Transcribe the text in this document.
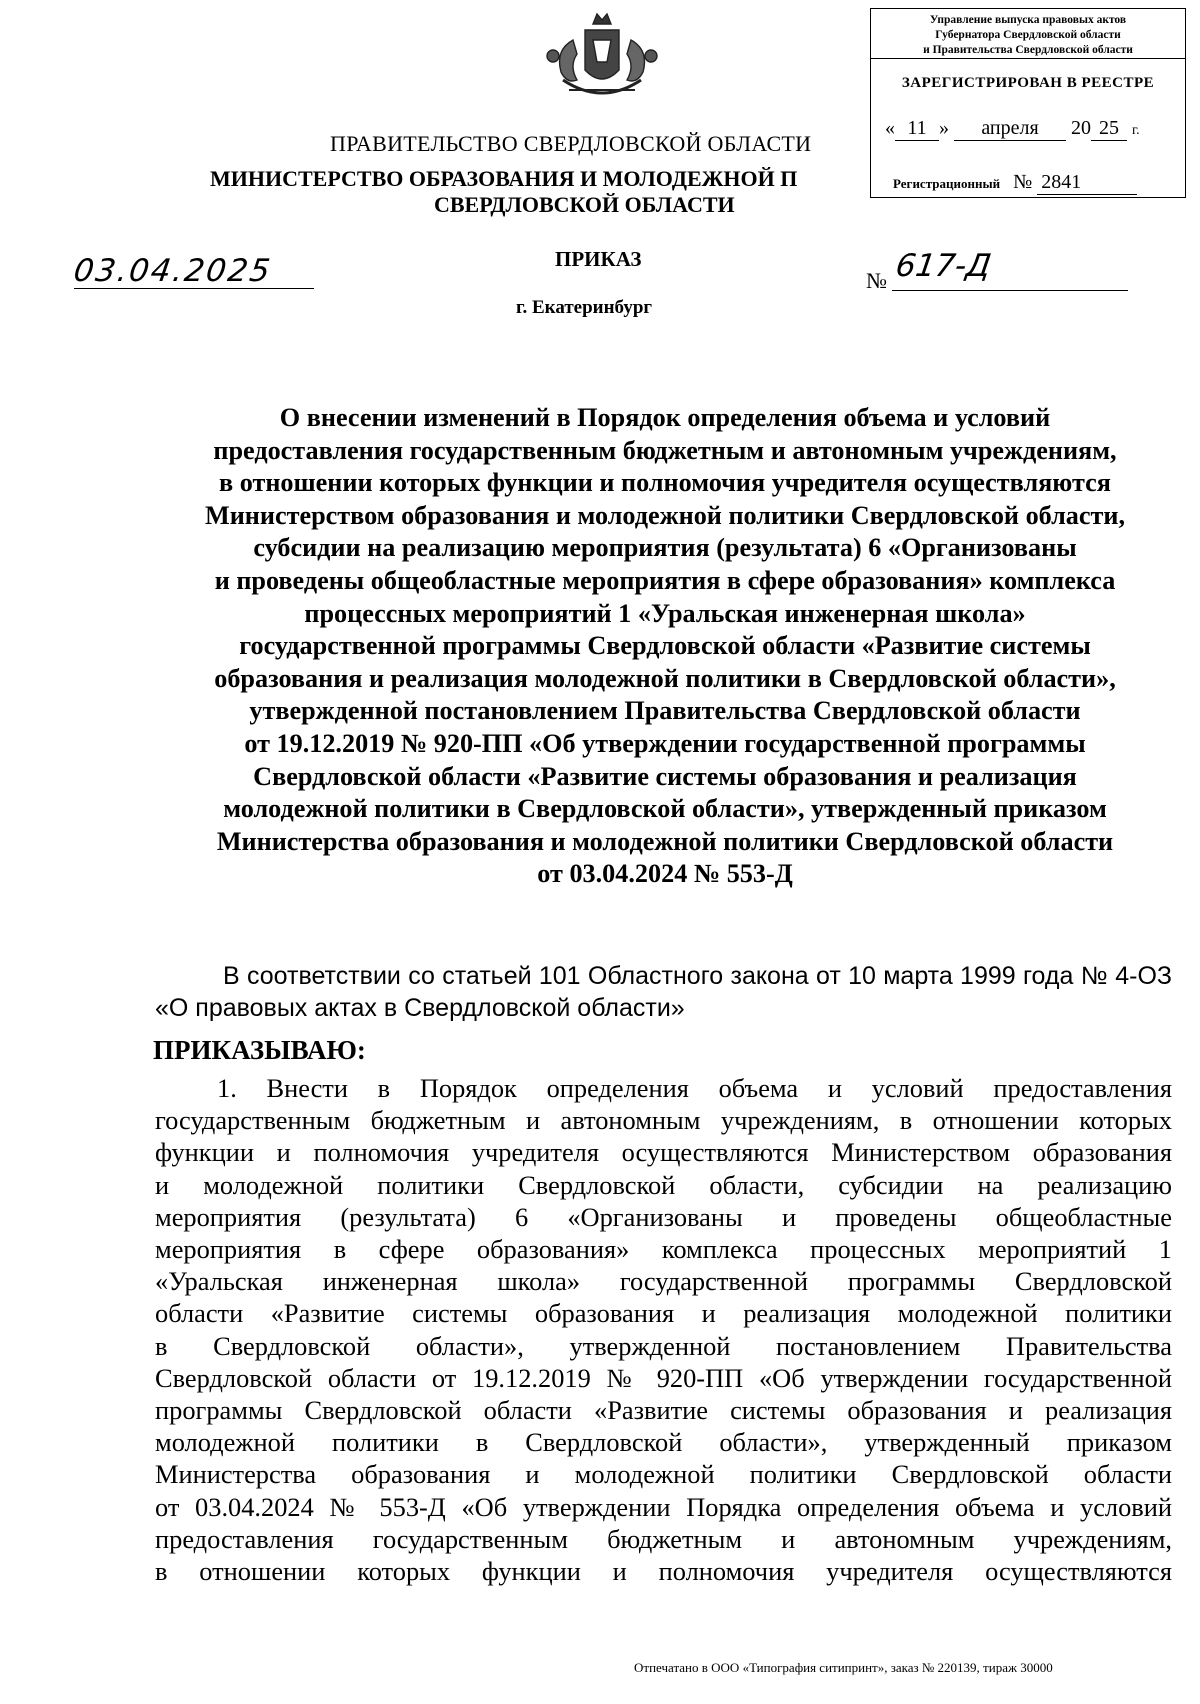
Управление выпуска правовых актов
Губернатора Свердловской области
и Правительства Свердловской области
ЗАРЕГИСТРИРОВАН В РЕЕСТРЕ
« 11 » апреля 20 25 г.
Регистрационный № 2841
ПРАВИТЕЛЬСТВО СВЕРДЛОВСКОЙ ОБЛАСТИ
МИНИСТЕРСТВО ОБРАЗОВАНИЯ И МОЛОДЕЖНОЙ П
СВЕРДЛОВСКОЙ ОБЛАСТИ
ПРИКАЗ
г. Екатеринбург
03.04.2025	№ 617-Д
О внесении изменений в Порядок определения объема и условий
предоставления государственным бюджетным и автономным учреждениям,
в отношении которых функции и полномочия учредителя осуществляются
Министерством образования и молодежной политики Свердловской области,
субсидии на реализацию мероприятия (результата) 6 «Организованы
и проведены общеобластные мероприятия в сфере образования» комплекса
процессных мероприятий 1 «Уральская инженерная школа»
государственной программы Свердловской области «Развитие системы
образования и реализация молодежной политики в Свердловской области»,
утвержденной постановлением Правительства Свердловской области
от 19.12.2019 № 920-ПП «Об утверждении государственной программы
Свердловской области «Развитие системы образования и реализация
молодежной политики в Свердловской области», утвержденный приказом
Министерства образования и молодежной политики Свердловской области
от 03.04.2024 № 553-Д
В соответствии со статьей 101 Областного закона от 10 марта 1999 года № 4-ОЗ «О правовых актах в Свердловской области»
ПРИКАЗЫВАЮ:
1. Внести в Порядок определения объема и условий предоставления
государственным бюджетным и автономным учреждениям, в отношении которых
функции и полномочия учредителя осуществляются Министерством образования
и молодежной политики Свердловской области, субсидии на реализацию
мероприятия (результата) 6 «Организованы и проведены общеобластные
мероприятия в сфере образования» комплекса процессных мероприятий 1
«Уральская инженерная школа» государственной программы Свердловской
области «Развитие системы образования и реализация молодежной политики
в Свердловской области», утвержденной постановлением Правительства
Свердловской области от 19.12.2019 № 920-ПП «Об утверждении государственной
программы Свердловской области «Развитие системы образования и реализация
молодежной политики в Свердловской области», утвержденный приказом
Министерства образования и молодежной политики Свердловской области
от 03.04.2024 № 553-Д «Об утверждении Порядка определения объема и условий
предоставления государственным бюджетным и автономным учреждениям,
в отношении которых функции и полномочия учредителя осуществляются
Отпечатано в ООО «Типография ситипринт», заказ № 220139, тираж 30000
